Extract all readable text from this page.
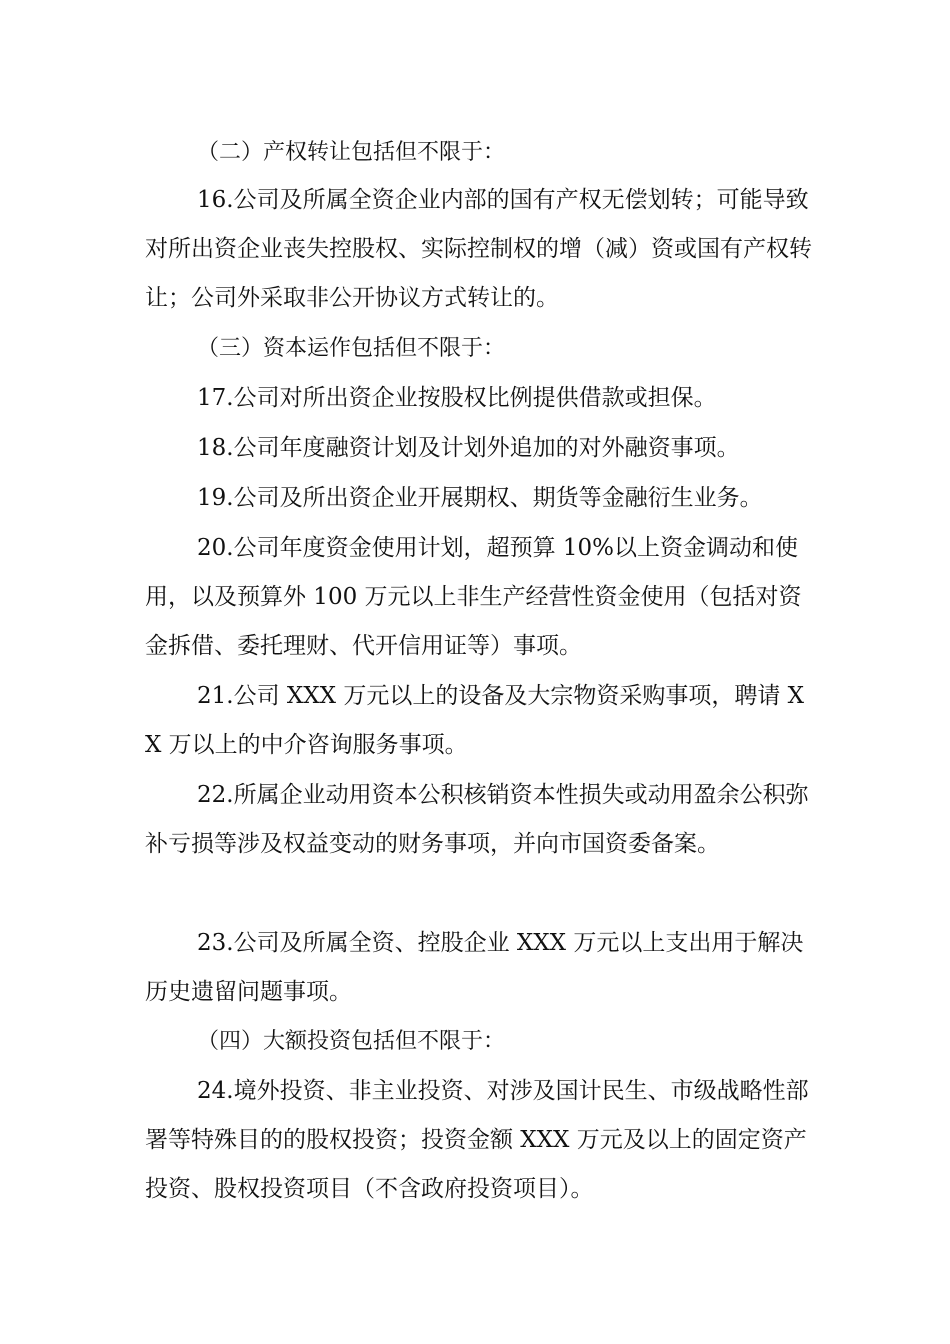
（二）产权转让包括但不限于：

16.公司及所属全资企业内部的国有产权无偿划转；可能导致对所出资企业丧失控股权、实际控制权的增（减）资或国有产权转让；公司外采取非公开协议方式转让的。

（三）资本运作包括但不限于：

17.公司对所出资企业按股权比例提供借款或担保。

18.公司年度融资计划及计划外追加的对外融资事项。

19.公司及所出资企业开展期权、期货等金融衍生业务。

20.公司年度资金使用计划，超预算 10%以上资金调动和使用，以及预算外 100 万元以上非生产经营性资金使用（包括对资金拆借、委托理财、代开信用证等）事项。

21.公司 XXX 万元以上的设备及大宗物资采购事项，聘请 XX 万以上的中介咨询服务事项。

22.所属企业动用资本公积核销资本性损失或动用盈余公积弥补亏损等涉及权益变动的财务事项，并向市国资委备案。

23.公司及所属全资、控股企业 XXX 万元以上支出用于解决历史遗留问题事项。

（四）大额投资包括但不限于：

24.境外投资、非主业投资、对涉及国计民生、市级战略性部署等特殊目的的股权投资；投资金额 XXX 万元及以上的固定资产投资、股权投资项目（不含政府投资项目）。
